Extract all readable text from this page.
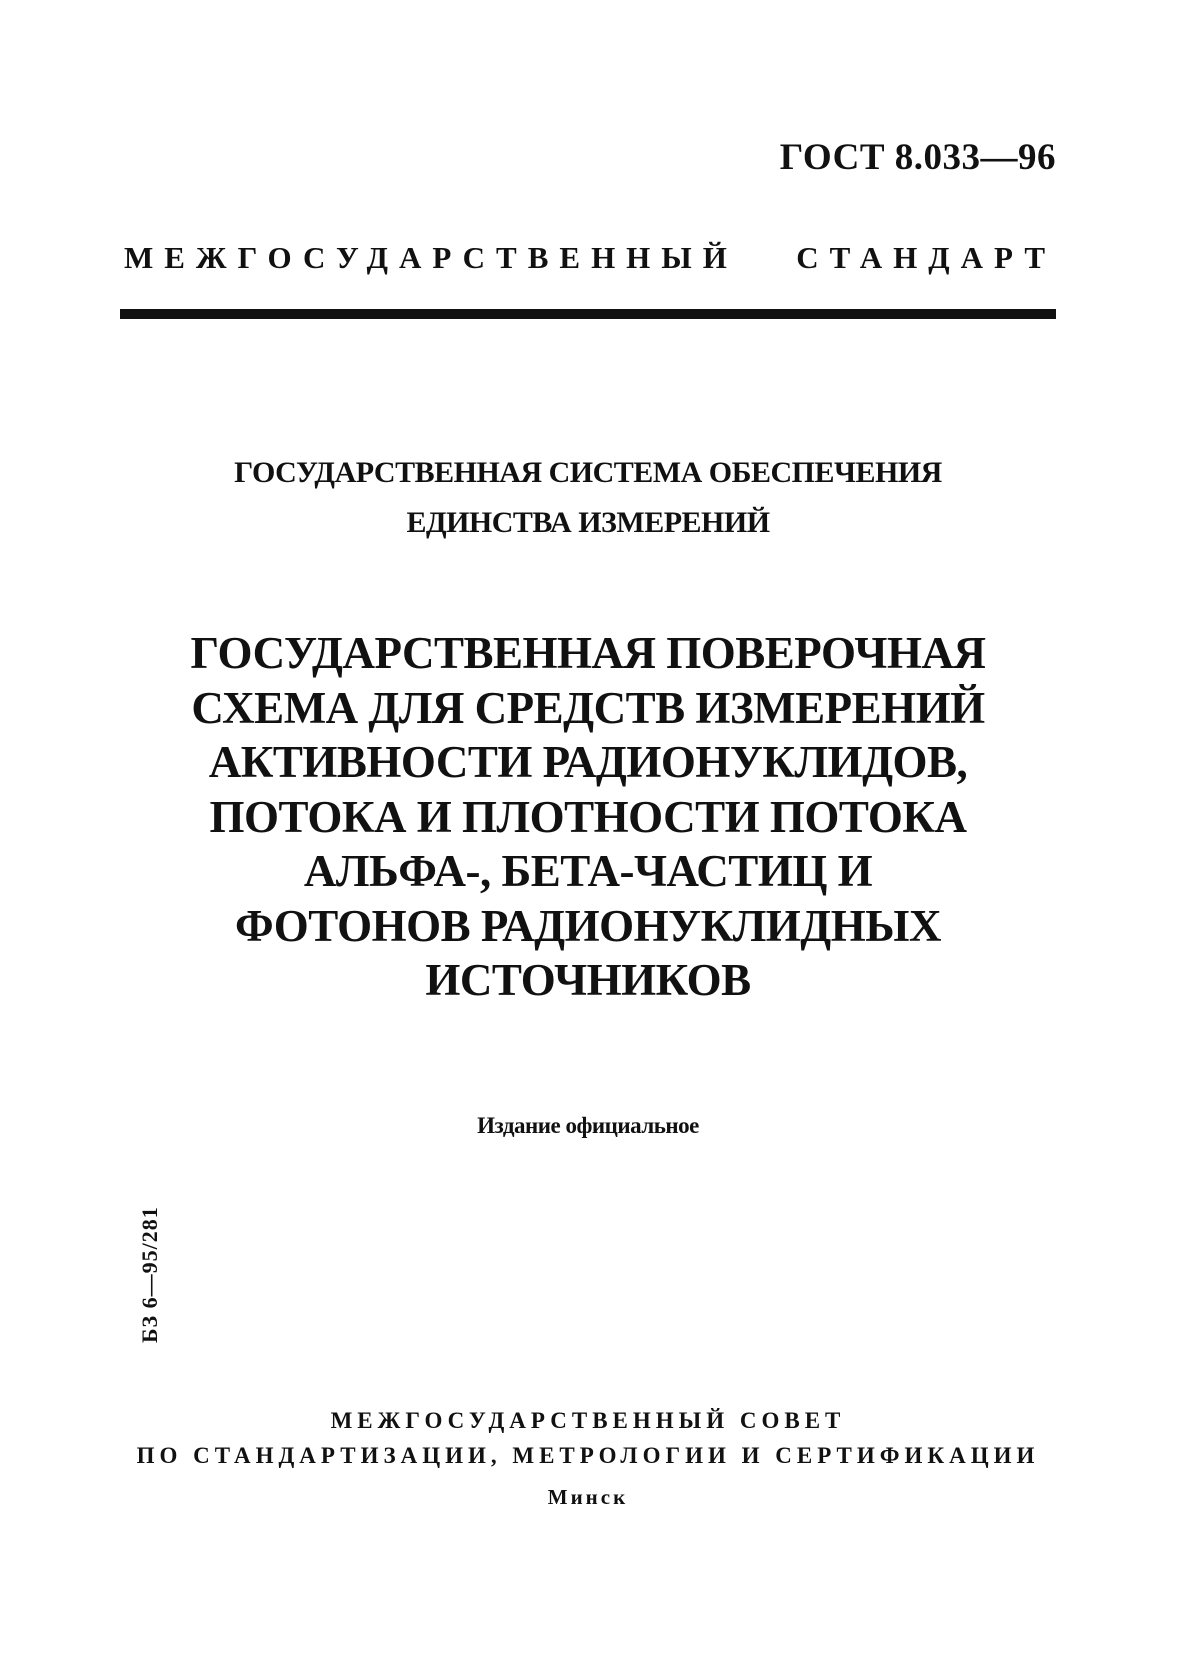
ГОСТ 8.033—96
МЕЖГОСУДАРСТВЕННЫЙ СТАНДАРТ
ГОСУДАРСТВЕННАЯ СИСТЕМА ОБЕСПЕЧЕНИЯ
ЕДИНСТВА ИЗМЕРЕНИЙ
ГОСУДАРСТВЕННАЯ ПОВЕРОЧНАЯ
СХЕМА ДЛЯ СРЕДСТВ ИЗМЕРЕНИЙ
АКТИВНОСТИ РАДИОНУКЛИДОВ,
ПОТОКА И ПЛОТНОСТИ ПОТОКА
АЛЬФА-, БЕТА-ЧАСТИЦ И
ФОТОНОВ РАДИОНУКЛИДНЫХ
ИСТОЧНИКОВ
Издание официальное
БЗ 6—95/281
МЕЖГОСУДАРСТВЕННЫЙ СОВЕТ
ПО СТАНДАРТИЗАЦИИ, МЕТРОЛОГИИ И СЕРТИФИКАЦИИ
Минск
